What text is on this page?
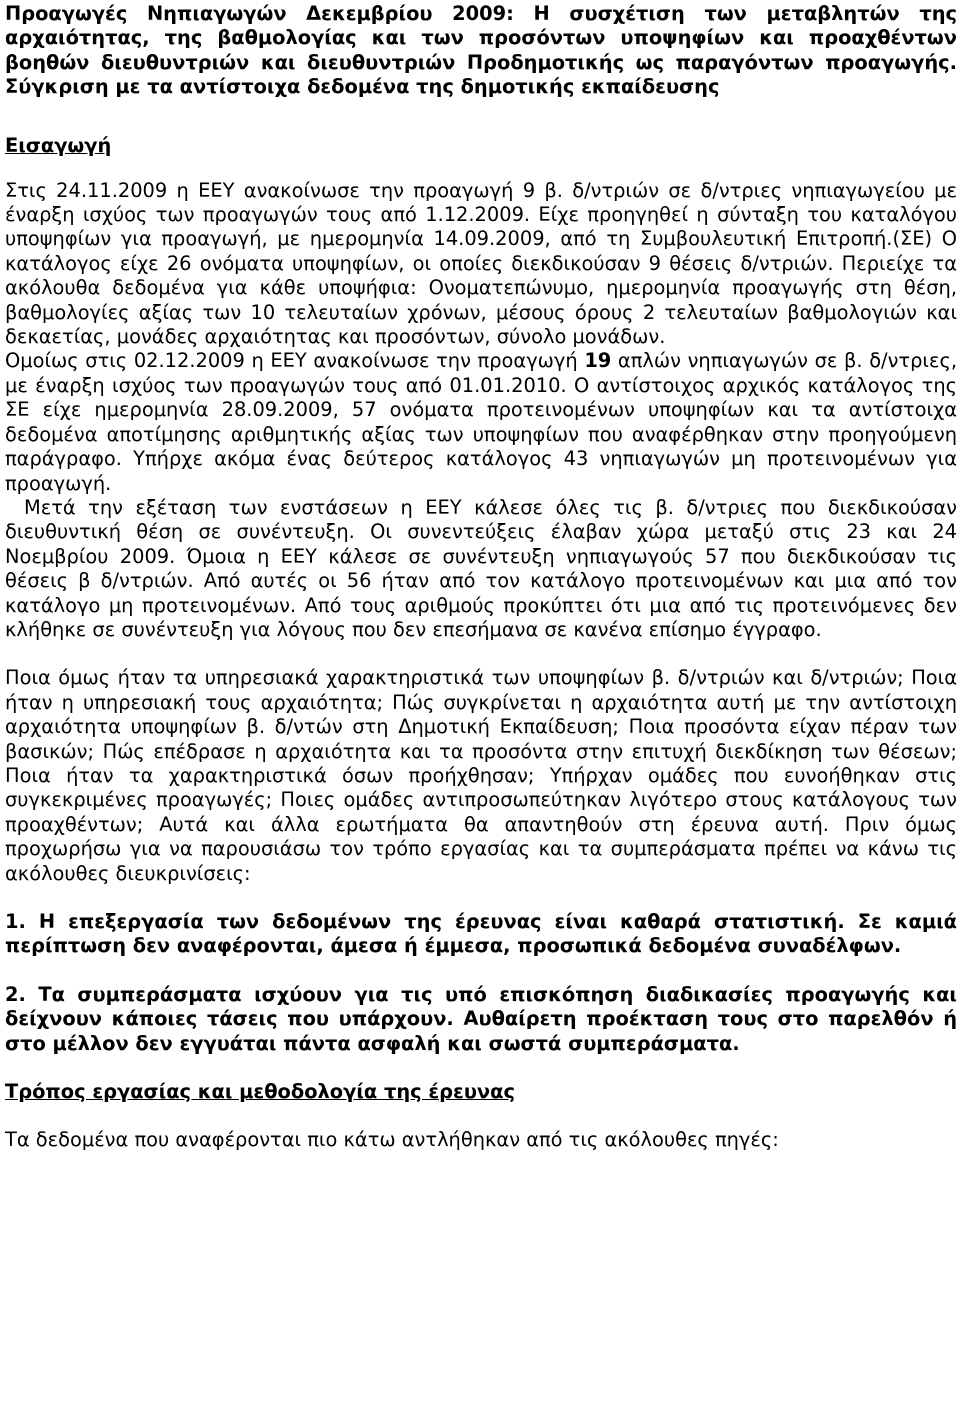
Προαγωγές Νηπιαγωγών Δεκεμβρίου 2009: Η συσχέτιση των μεταβλητών της αρχαιότητας, της βαθμολογίας και των προσόντων υποψηφίων και προαχθέντων βοηθών διευθυντριών και διευθυντριών Προδημοτικής ως παραγόντων προαγωγής. Σύγκριση με τα αντίστοιχα δεδομένα της δημοτικής εκπαίδευσης

Εισαγωγή

Στις 24.11.2009 η ΕΕΥ ανακοίνωσε την προαγωγή 9 β. δ/ντριών σε δ/ντριες νηπιαγωγείου με έναρξη ισχύος των προαγωγών τους από 1.12.2009. Είχε προηγηθεί η σύνταξη του καταλόγου υποψηφίων για προαγωγή, με ημερομηνία 14.09.2009, από τη Συμβουλευτική Επιτροπή.(ΣΕ) Ο κατάλογος είχε 26 ονόματα υποψηφίων, οι οποίες διεκδικούσαν 9 θέσεις δ/ντριών. Περιείχε τα ακόλουθα δεδομένα για κάθε υποψήφια: Ονοματεπώνυμο, ημερομηνία προαγωγής στη θέση, βαθμολογίες αξίας των 10 τελευταίων χρόνων, μέσους όρους 2 τελευταίων βαθμολογιών και δεκαετίας, μονάδες αρχαιότητας και προσόντων, σύνολο μονάδων.

Ομοίως στις 02.12.2009 η ΕΕΥ ανακοίνωσε την προαγωγή 19 απλών νηπιαγωγών σε β. δ/ντριες, με έναρξη ισχύος των προαγωγών τους από 01.01.2010. Ο αντίστοιχος αρχικός κατάλογος της ΣΕ είχε ημερομηνία 28.09.2009, 57 ονόματα προτεινομένων υποψηφίων και τα αντίστοιχα δεδομένα αποτίμησης αριθμητικής αξίας των υποψηφίων που αναφέρθηκαν στην προηγούμενη παράγραφο. Υπήρχε ακόμα ένας δεύτερος κατάλογος 43 νηπιαγωγών μη προτεινομένων για προαγωγή.

Μετά την εξέταση των ενστάσεων η ΕΕΥ κάλεσε όλες τις β. δ/ντριες που διεκδικούσαν διευθυντική θέση σε συνέντευξη. Οι συνεντεύξεις έλαβαν χώρα μεταξύ στις 23 και 24 Νοεμβρίου 2009. Όμοια η ΕΕΥ κάλεσε σε συνέντευξη νηπιαγωγούς 57 που διεκδικούσαν τις θέσεις β δ/ντριών. Από αυτές οι 56 ήταν από τον κατάλογο προτεινομένων και μια από τον κατάλογο μη προτεινομένων. Από τους αριθμούς προκύπτει ότι μια από τις προτεινόμενες δεν κλήθηκε σε συνέντευξη για λόγους που δεν επεσήμανα σε κανένα επίσημο έγγραφο.

Ποια όμως ήταν τα υπηρεσιακά χαρακτηριστικά των υποψηφίων β. δ/ντριών και δ/ντριών; Ποια ήταν η υπηρεσιακή τους αρχαιότητα; Πώς συγκρίνεται η αρχαιότητα αυτή με την αντίστοιχη αρχαιότητα υποψηφίων β. δ/ντών στη Δημοτική Εκπαίδευση; Ποια προσόντα είχαν πέραν των βασικών; Πώς επέδρασε η αρχαιότητα και τα προσόντα στην επιτυχή διεκδίκηση των θέσεων; Ποια ήταν τα χαρακτηριστικά όσων προήχθησαν; Υπήρχαν ομάδες που ευνοήθηκαν στις συγκεκριμένες προαγωγές; Ποιες ομάδες αντιπροσωπεύτηκαν λιγότερο στους κατάλογους των προαχθέντων; Αυτά και άλλα ερωτήματα θα απαντηθούν στη έρευνα αυτή. Πριν όμως προχωρήσω για να παρουσιάσω τον τρόπο εργασίας και τα συμπεράσματα πρέπει να κάνω τις ακόλουθες διευκρινίσεις:

1. Η επεξεργασία των δεδομένων της έρευνας είναι καθαρά στατιστική. Σε καμιά περίπτωση δεν αναφέρονται, άμεσα ή έμμεσα, προσωπικά δεδομένα συναδέλφων.

2. Τα συμπεράσματα ισχύουν για τις υπό επισκόπηση διαδικασίες προαγωγής και δείχνουν κάποιες τάσεις που υπάρχουν. Αυθαίρετη προέκταση τους στο παρελθόν ή στο μέλλον δεν εγγυάται πάντα ασφαλή και σωστά συμπεράσματα.

Τρόπος εργασίας και μεθοδολογία της έρευνας

Τα δεδομένα που αναφέρονται πιο κάτω αντλήθηκαν από τις ακόλουθες πηγές:
